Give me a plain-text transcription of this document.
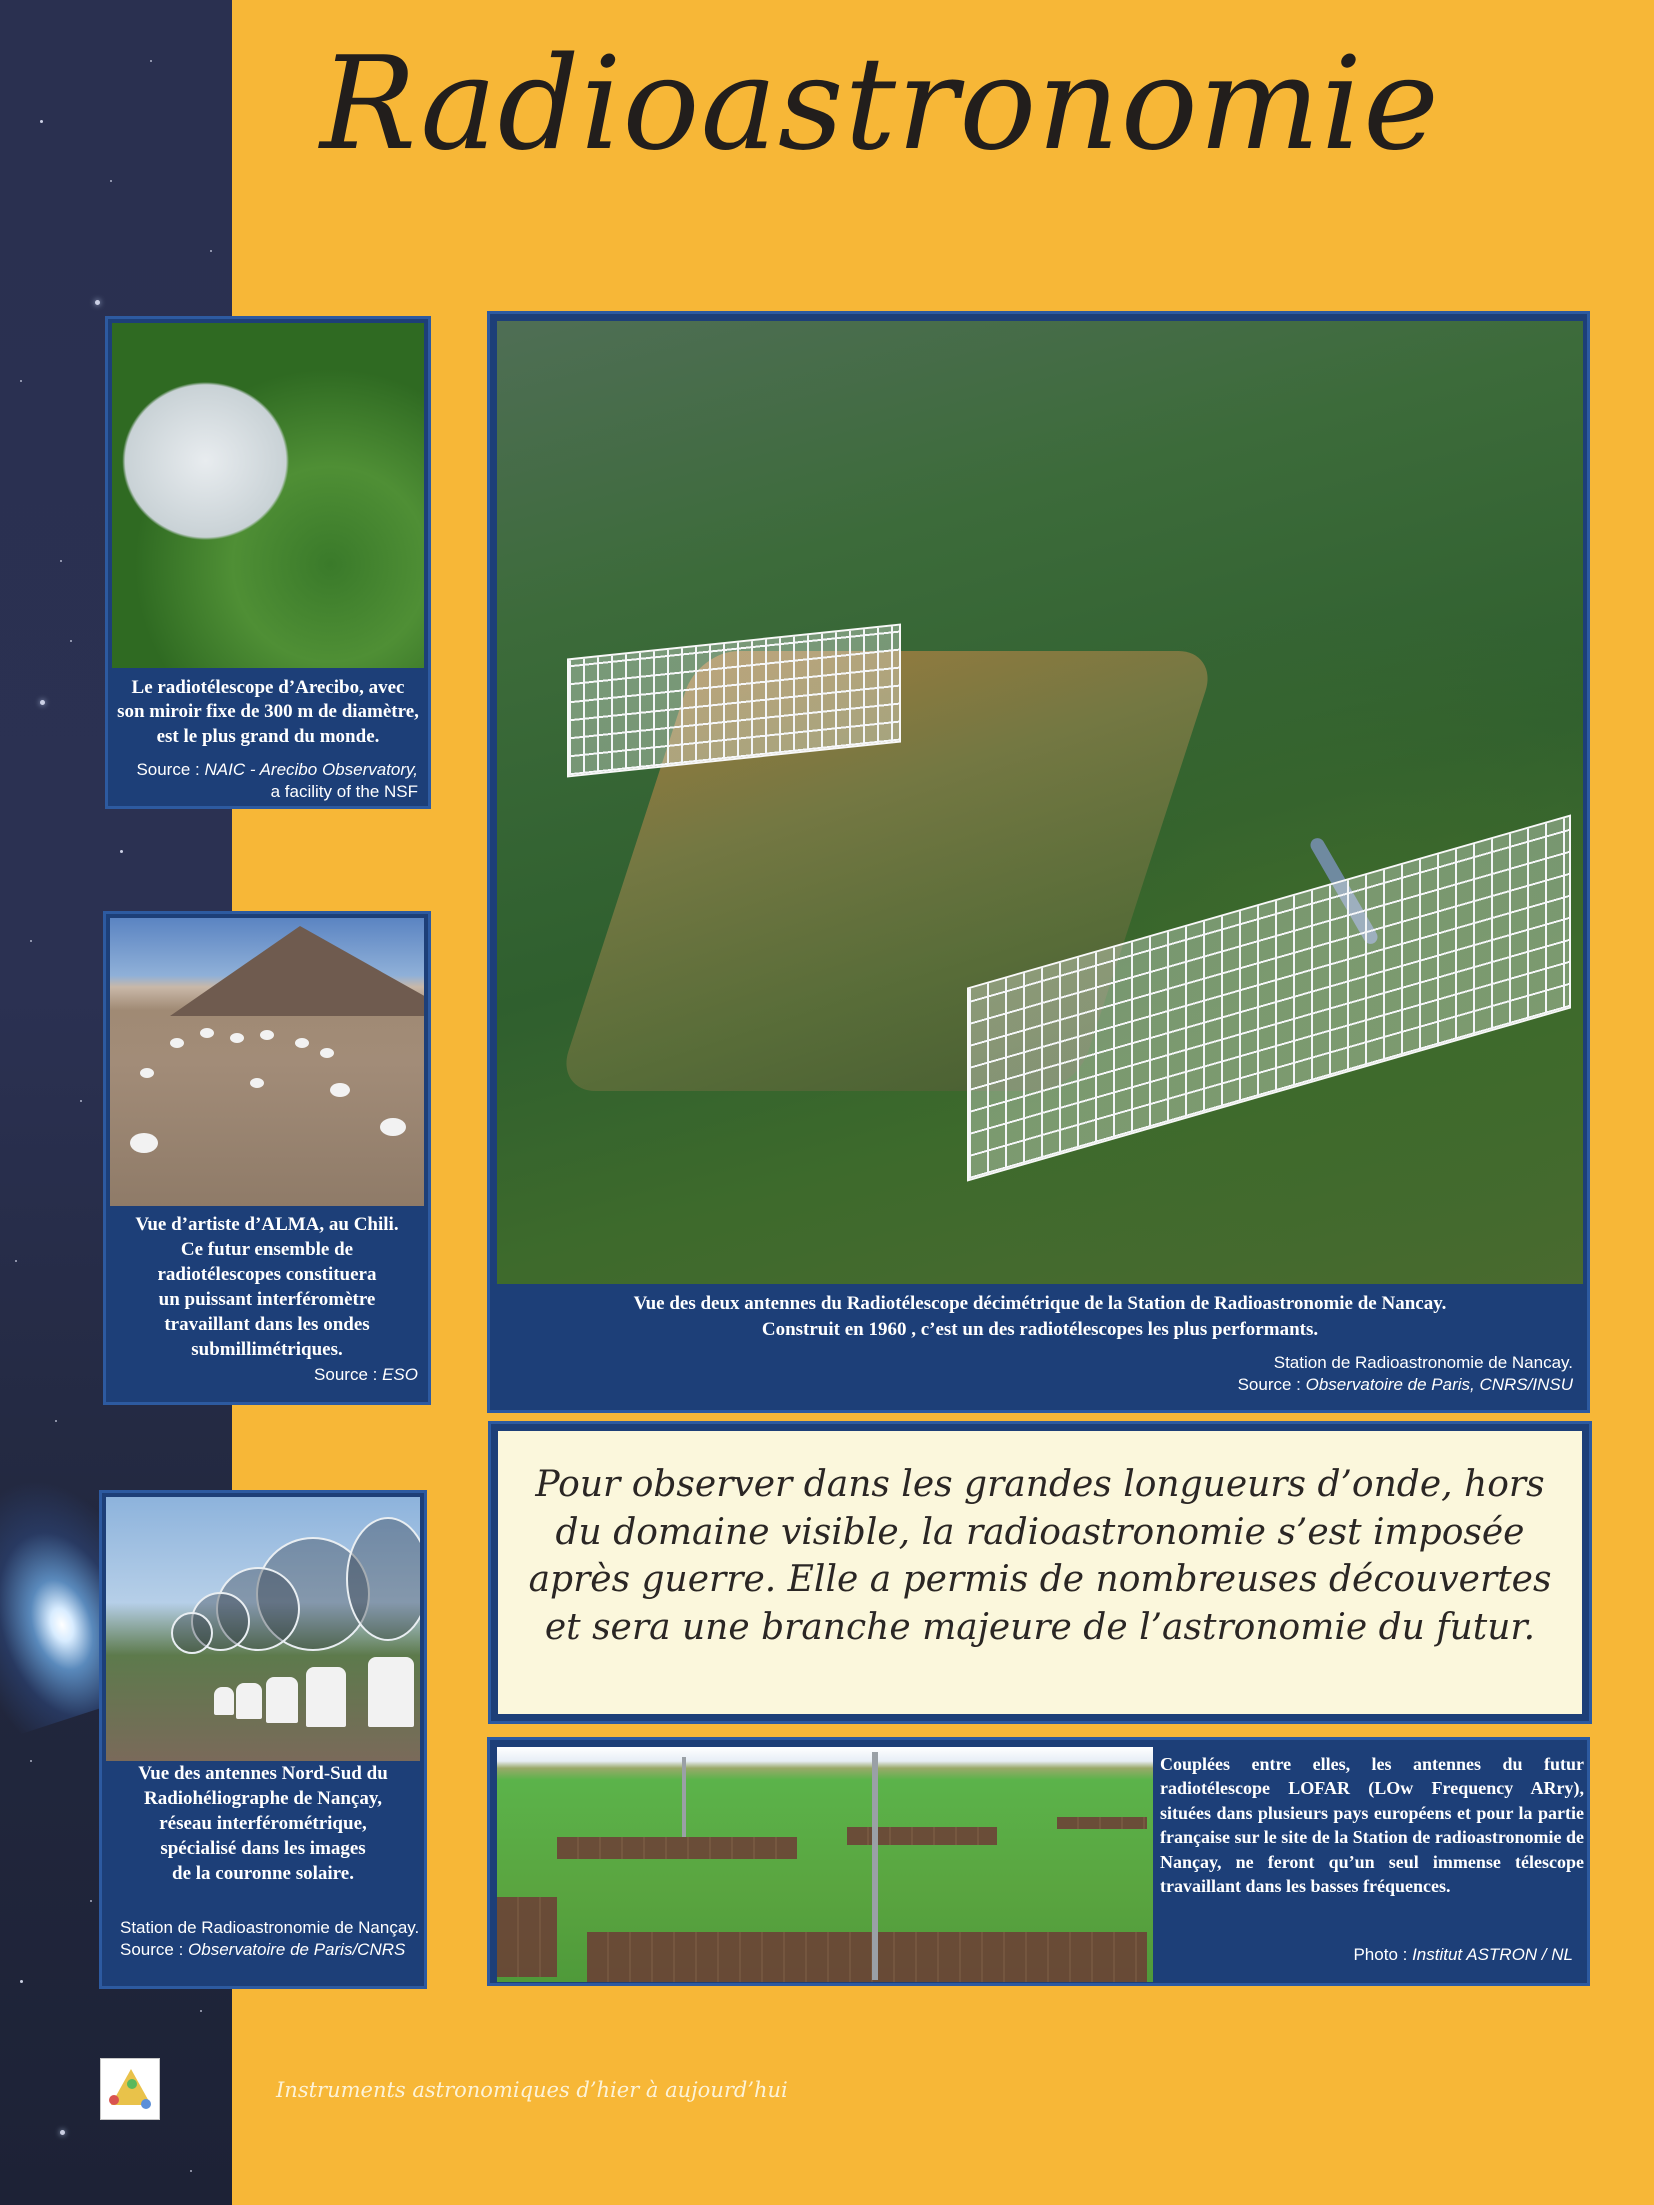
Radioastronomie
Le radiotélescope d’Arecibo, avec
son miroir fixe de 300 m de diamètre,
est le plus grand du monde.
Source : NAIC - Arecibo Observatory,
a facility of the NSF
Vue d’artiste d’ALMA, au Chili.
Ce futur ensemble de
radiotélescopes constituera
un puissant interféromètre
travaillant dans les ondes
submillimétriques.
Source : ESO
Vue des antennes Nord-Sud du
Radiohéliographe de Nançay,
réseau interférométrique,
spécialisé dans les images
de la couronne solaire.
Station de Radioastronomie de Nançay.
Source : Observatoire de Paris/CNRS
Vue des deux antennes du Radiotélescope décimétrique de la Station de Radioastronomie de Nancay.
Construit en 1960 , c’est un des radiotélescopes les plus performants.
Station de Radioastronomie de Nancay.
Source : Observatoire de Paris, CNRS/INSU

Pour observer dans les grandes longueurs d’onde, hors du domaine visible, la radioastronomie s’est imposée après guerre. Elle a permis de nombreuses découvertes et sera une branche majeure de l’astronomie du futur.

Couplées entre elles, les antennes du futur radiotélescope LOFAR (LOw Frequency ARry), situées dans plusieurs pays européens et pour la partie française sur le site de la Station de radioastronomie de Nançay, ne feront qu’un seul immense télescope travaillant dans les basses fréquences.
Photo : Institut ASTRON / NL
Instruments astronomiques d’hier à aujourd’hui
